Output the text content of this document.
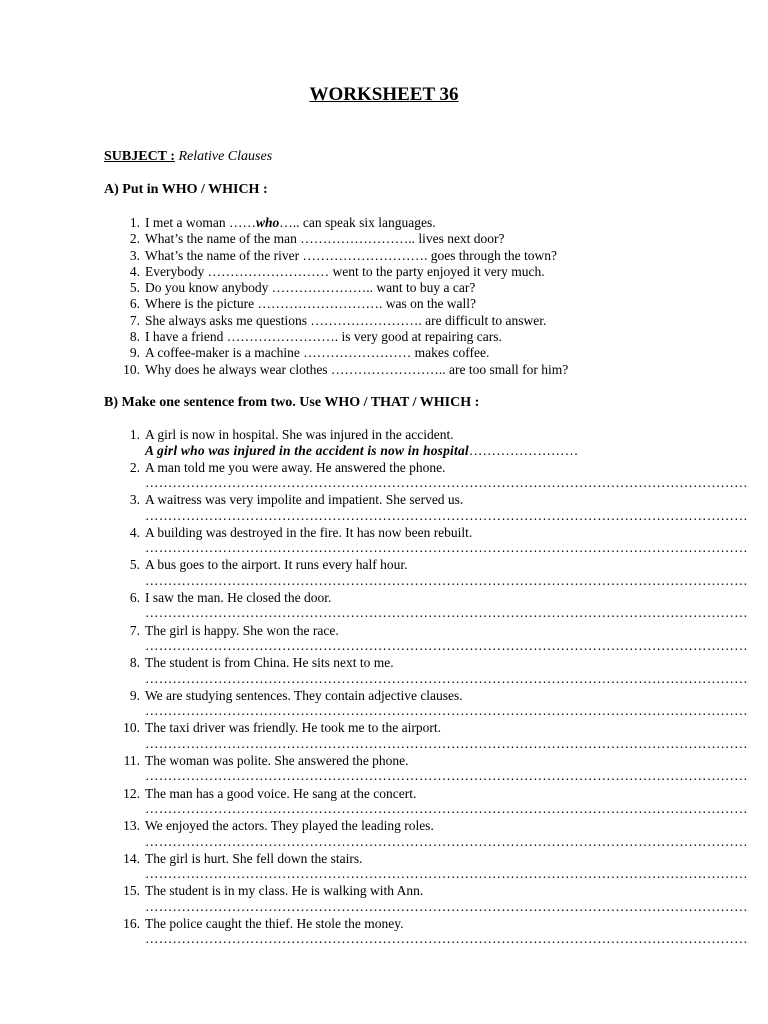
WORKSHEET 36
SUBJECT : Relative Clauses
A) Put in WHO / WHICH :
1. I met a woman ……who….. can speak six languages.
2. What’s the name of the man …………………….. lives next door?
3. What’s the name of the river ………………………. goes through the town?
4. Everybody ……………………… went to the party enjoyed it very much.
5. Do you know anybody ………………….. want to buy a car?
6. Where is the picture ………………………. was on the wall?
7. She always asks me questions ……………………. are difficult to answer.
8. I have a friend ……………………. is very good at repairing cars.
9. A coffee-maker is a machine …………………… makes coffee.
10. Why does he always wear clothes …………………….. are too small for him?
B) Make one sentence from two. Use WHO / THAT / WHICH :
1. A girl is now in hospital. She was injured in the accident.
A girl who was injured in the accident is now in hospital……………………
2. A man told me you were away. He answered the phone.
……………………………………………………………………………………………………………………
3. A waitress was very impolite and impatient. She served us.
……………………………………………………………………………………………………………………
4. A building was destroyed in the fire. It has now been rebuilt.
……………………………………………………………………………………………………………………
5. A bus goes to the airport. It runs every half hour.
……………………………………………………………………………………………………………………
6. I saw the man. He closed the door.
……………………………………………………………………………………………………………………
7. The girl is happy. She won the race.
……………………………………………………………………………………………………………………
8. The student is from China. He sits next to me.
……………………………………………………………………………………………………………………
9. We are studying sentences. They contain adjective clauses.
……………………………………………………………………………………………………………………
10. The taxi driver was friendly. He took me to the airport.
……………………………………………………………………………………………………………………
11. The woman was polite. She answered the phone.
……………………………………………………………………………………………………………………
12. The man has a good voice. He sang at the concert.
……………………………………………………………………………………………………………………
13. We enjoyed the actors. They played the leading roles.
……………………………………………………………………………………………………………………
14. The girl is hurt. She fell down the stairs.
……………………………………………………………………………………………………………………
15. The student is in my class. He is walking with Ann.
……………………………………………………………………………………………………………………
16. The police caught the thief. He stole the money.
……………………………………………………………………………………………………………………
